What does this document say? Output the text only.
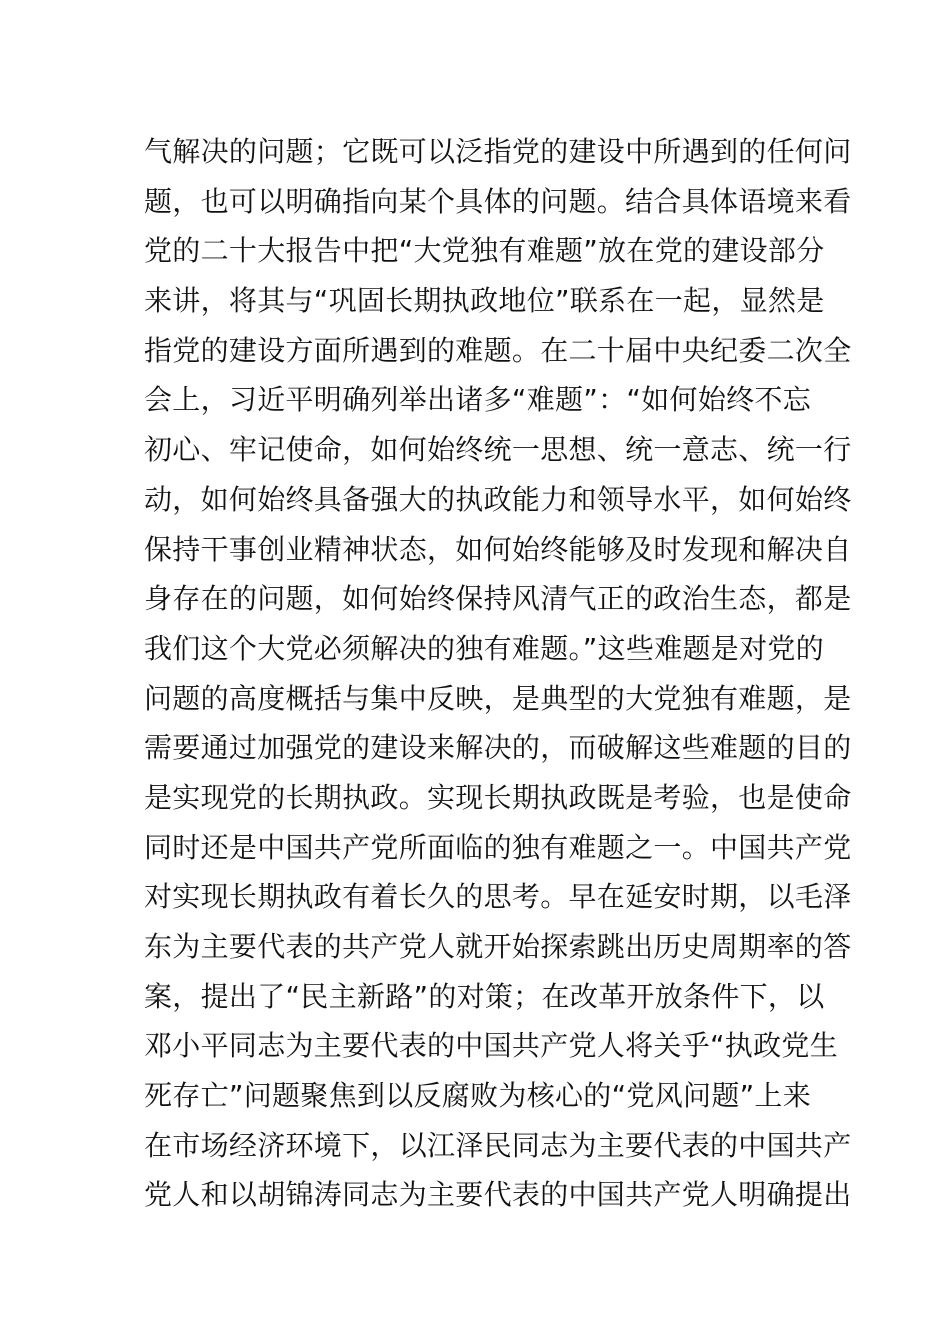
气解决的问题；它既可以泛指党的建设中所遇到的任何问
题，也可以明确指向某个具体的问题。结合具体语境来看
党的二十大报告中把“大党独有难题”放在党的建设部分
来讲，将其与“巩固长期执政地位”联系在一起，显然是
指党的建设方面所遇到的难题。在二十届中央纪委二次全
会上，习近平明确列举出诸多“难题”：“如何始终不忘
初心、牢记使命，如何始终统一思想、统一意志、统一行
动，如何始终具备强大的执政能力和领导水平，如何始终
保持干事创业精神状态，如何始终能够及时发现和解决自
身存在的问题，如何始终保持风清气正的政治生态，都是
我们这个大党必须解决的独有难题。”这些难题是对党的
问题的高度概括与集中反映，是典型的大党独有难题，是
需要通过加强党的建设来解决的，而破解这些难题的目的
是实现党的长期执政。实现长期执政既是考验，也是使命
同时还是中国共产党所面临的独有难题之一。中国共产党
对实现长期执政有着长久的思考。早在延安时期，以毛泽
东为主要代表的共产党人就开始探索跳出历史周期率的答
案，提出了“民主新路”的对策；在改革开放条件下，以
邓小平同志为主要代表的中国共产党人将关乎“执政党生
死存亡”问题聚焦到以反腐败为核心的“党风问题”上来
在市场经济环境下，以江泽民同志为主要代表的中国共产
党人和以胡锦涛同志为主要代表的中国共产党人明确提出
